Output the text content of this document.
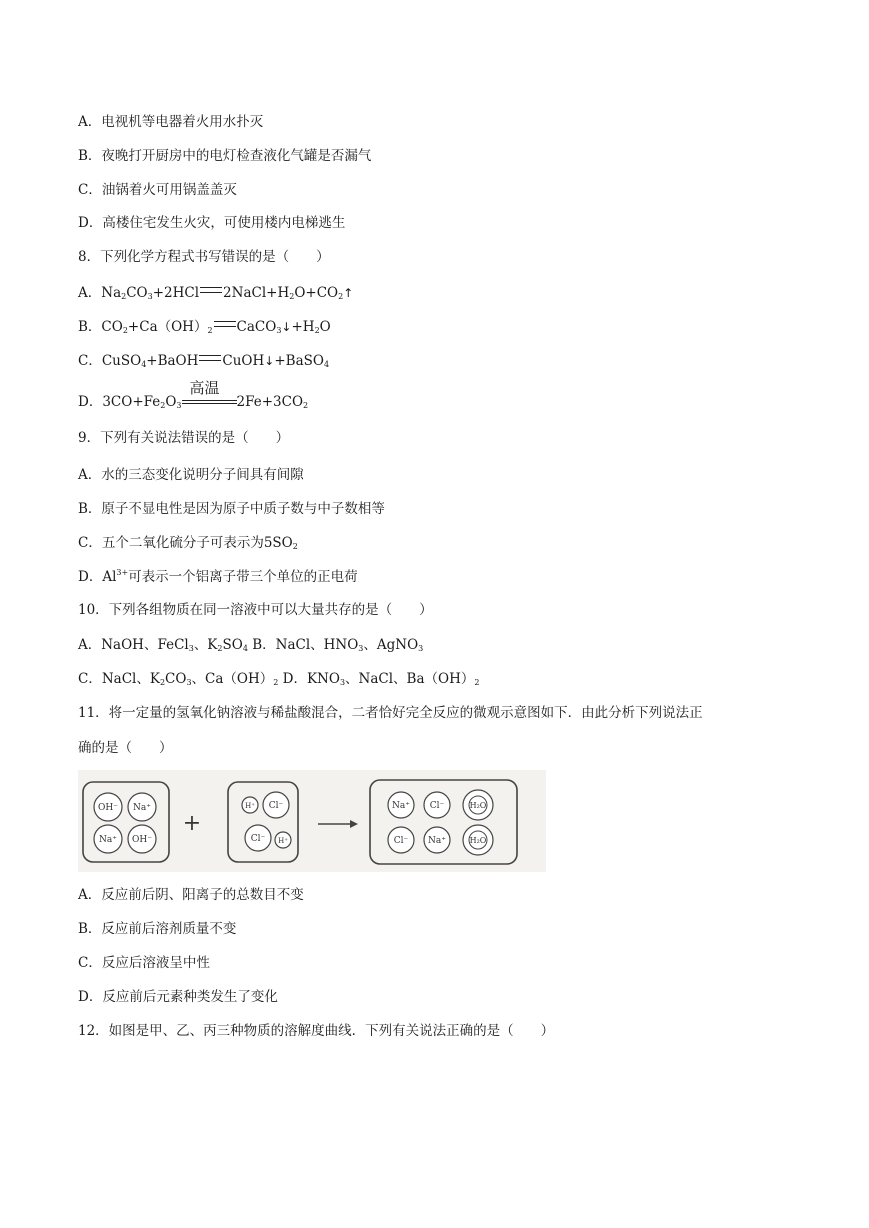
A．电视机等电器着火用水扑灭
B．夜晚打开厨房中的电灯检查液化气罐是否漏气
C．油锅着火可用锅盖盖灭
D．高楼住宅发生火灾，可使用楼内电梯逃生
8．下列化学方程式书写错误的是（　　）
A．$Na_2CO_3+2HCl$ $2NaCl+H_2O+CO_2↑$
B．$CO_2+Ca(OH)_2$ $CaCO_3↓+H_2O$
C．CuSO$_4$+BaOH CuOH↓+BaSO$_4$
D．$3CO+Fe_2O_3$
高温
$2Fe+3CO_2$
9．下列有关说法错误的是（　　）
A．水的三态变化说明分子间具有间隙
B．原子不显电性是因为原子中质子数与中子数相等
C．五个二氧化硫分子可表示为$5SO_2$
D．$Al^{3+}$可表示一个铝离子带三个单位的正电荷
10．下列各组物质在同一溶液中可以大量共存的是（　　）
A．NaOH、FeCl$_3$、$K_2SO_4$ B．NaCl、$HNO_3$、AgNO$_3$
C．NaCl、$K_2CO_3$、$Ca(OH)_2$ D．$KNO_3$、NaCl、$Ba(OH)_2$
11．将一定量的氢氧化钠溶液与稀盐酸混合，二者恰好完全反应的微观示意图如下．由此分析下列说法正
确的是（　　）
OH⁻ Na⁺
Na⁺ OH⁻
+
H⁺ Cl⁻
Cl⁻ H⁺
Na⁺ Cl⁻	H₂O
Cl⁻ Na⁺	H₂O
A．反应前后阴、阳离子的总数目不变
B．反应前后溶剂质量不变
C．反应后溶液呈中性
D．反应前后元素种类发生了变化
12．如图是甲、乙、丙三种物质的溶解度曲线．下列有关说法正确的是（　　）
